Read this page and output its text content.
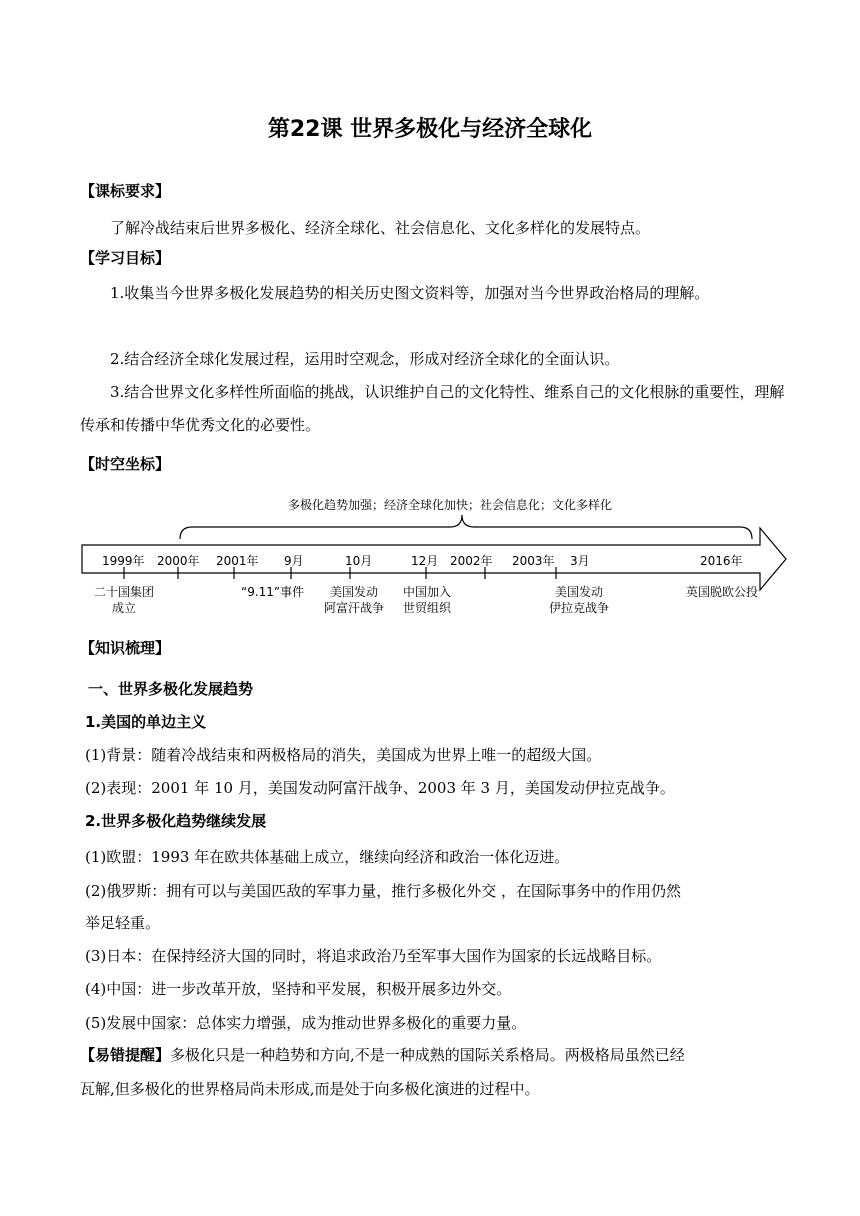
第22课 世界多极化与经济全球化
【课标要求】
了解冷战结束后世界多极化、经济全球化、社会信息化、文化多样化的发展特点。
【学习目标】
1.收集当今世界多极化发展趋势的相关历史图文资料等，加强对当今世界政治格局的理解。
2.结合经济全球化发展过程，运用时空观念，形成对经济全球化的全面认识。
3.结合世界文化多样性所面临的挑战，认识维护自己的文化特性、维系自己的文化根脉的重要性，理解传承和传播中华优秀文化的必要性。
【时空坐标】
多极化趋势加强；经济全球化加快；社会信息化；文化多样化
1999年 2000年 2001年 9月	10月	12月 2002年 2003年 3月	2016年
二十国集团
成立
“9.11”事件	美国发动
阿富汗战争
中国加入
世贸组织
美国发动
伊拉克战争
英国脱欧公投
【知识梳理】
一、世界多极化发展趋势
1.美国的单边主义
(1)背景：随着冷战结束和两极格局的消失，美国成为世界上唯一的超级大国。
(2)表现：2001 年 10 月，美国发动阿富汗战争、2003 年 3 月，美国发动伊拉克战争。
2.世界多极化趋势继续发展
(1)欧盟：1993 年在欧共体基础上成立，继续向经济和政治一体化迈进。
(2)俄罗斯：拥有可以与美国匹敌的军事力量，推行多极化外交 ，在国际事务中的作用仍然
举足轻重。
(3)日本：在保持经济大国的同时，将追求政治乃至军事大国作为国家的长远战略目标。
(4)中国：进一步改革开放，坚持和平发展，积极开展多边外交。
(5)发展中国家：总体实力增强，成为推动世界多极化的重要力量。
【易错提醒】多极化只是一种趋势和方向,不是一种成熟的国际关系格局。两极格局虽然已经
瓦解,但多极化的世界格局尚未形成,而是处于向多极化演进的过程中。
